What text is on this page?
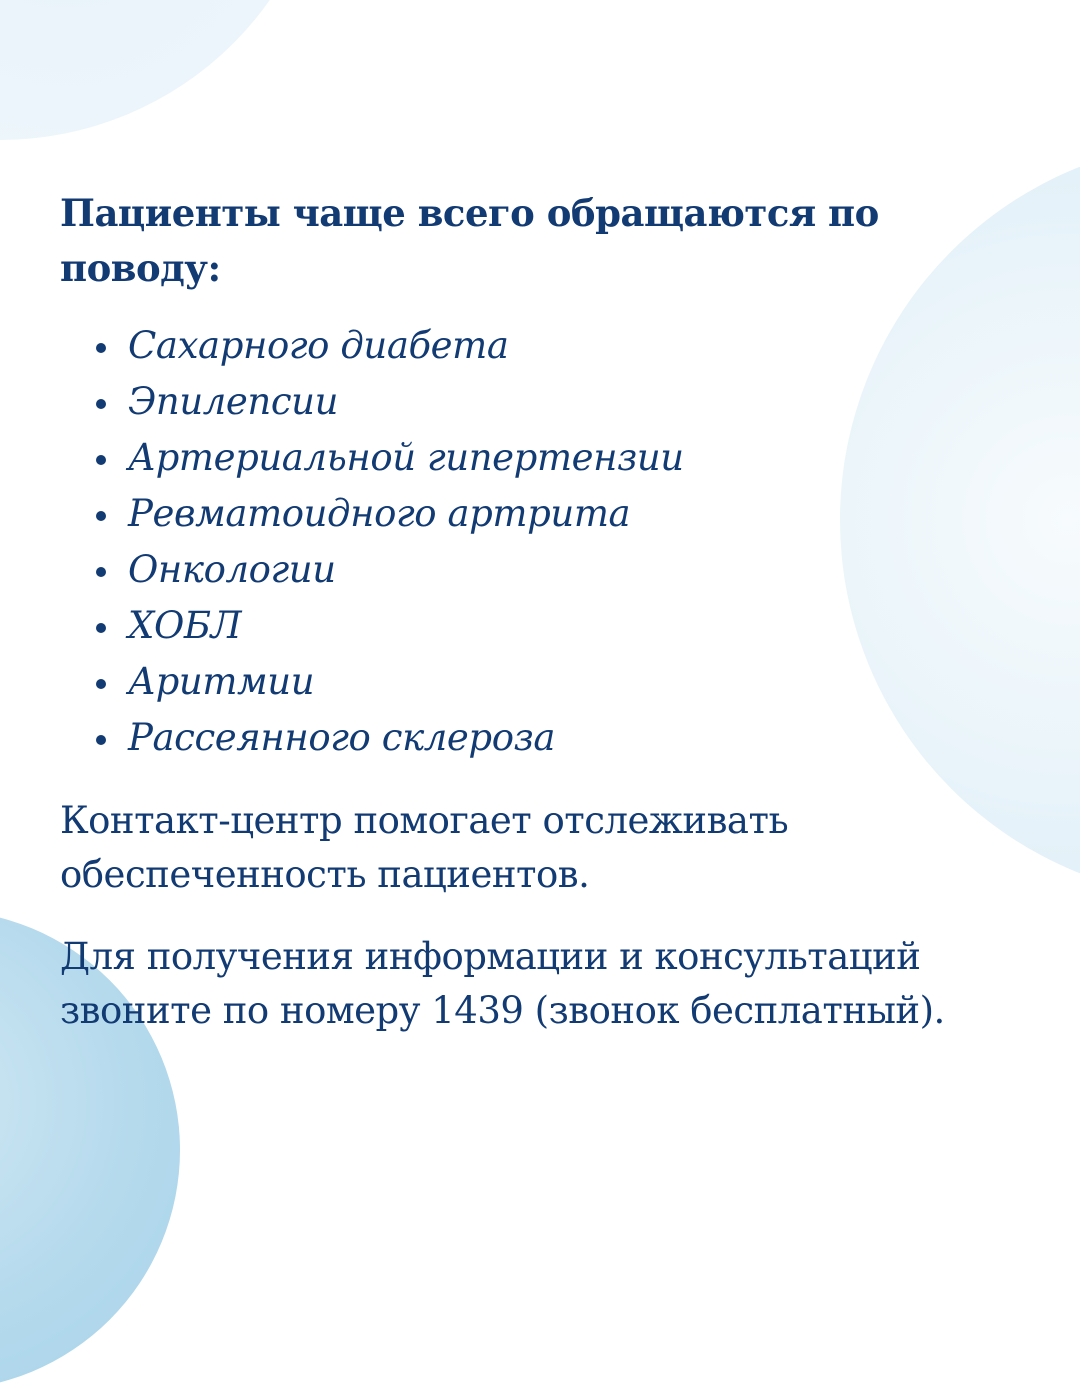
Пациенты чаще всего обращаются по поводу:
Сахарного диабета
Эпилепсии
Артериальной гипертензии
Ревматоидного артрита
Онкологии
ХОБЛ
Аритмии
Рассеянного склероза

Контакт-центр помогает отслеживать обеспеченность пациентов.

Для получения информации и консультаций звоните по номеру 1439 (звонок бесплатный).
